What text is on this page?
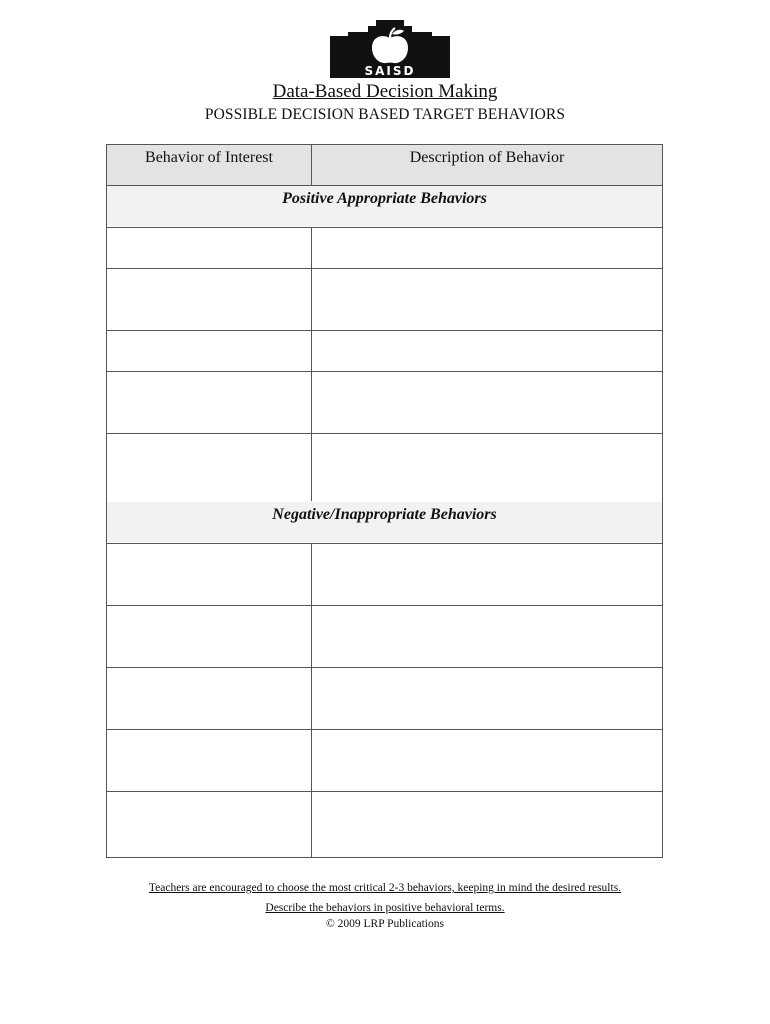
SAISD
Data-Based Decision Making
POSSIBLE DECISION BASED TARGET BEHAVIORS
Behavior of Interest	Description of Behavior
Positive Appropriate Behaviors
Negative/Inappropriate Behaviors
Teachers are encouraged to choose the most critical 2-3 behaviors, keeping in mind the desired results.
Describe the behaviors in positive behavioral terms.
© 2009 LRP Publications
